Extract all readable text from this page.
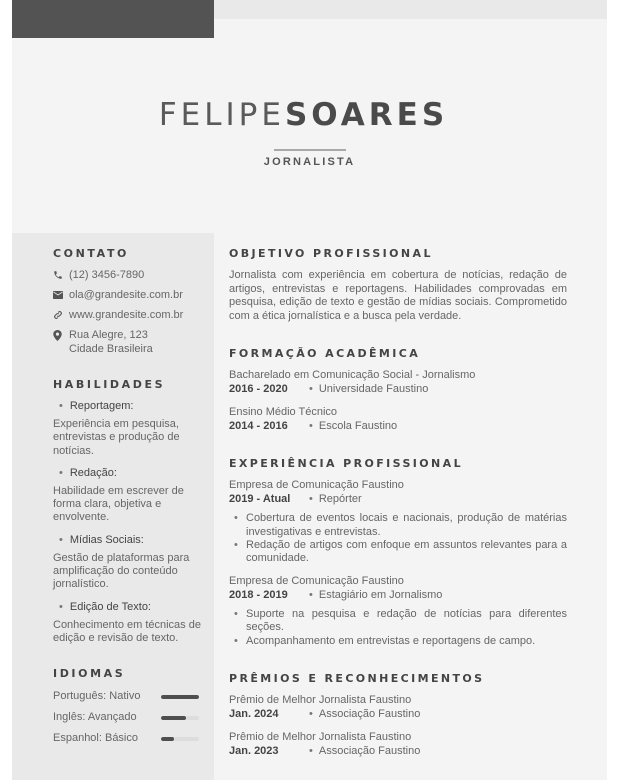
FELIPESOARES
JORNALISTA
CONTATO
(12) 3456-7890
ola@grandesite.com.br
www.grandesite.com.br
Rua Alegre, 123
Cidade Brasileira
HABILIDADES
• Reportagem:
Experiência em pesquisa, entrevistas e produção de notícias.
• Redação:
Habilidade em escrever de forma clara, objetiva e envolvente.
• Mídias Sociais:
Gestão de plataformas para amplificação do conteúdo jornalístico.
• Edição de Texto:
Conhecimento em técnicas de edição e revisão de texto.
IDIOMAS
Português: Nativo
Inglês: Avançado
Espanhol: Básico
OBJETIVO PROFISSIONAL
Jornalista com experiência em cobertura de notícias, redação de artigos, entrevistas e reportagens. Habilidades comprovadas em pesquisa, edição de texto e gestão de mídias sociais. Comprometido com a ética jornalística e a busca pela verdade.
FORMAÇÃO ACADÊMICA
Bacharelado em Comunicação Social - Jornalismo
2016 - 2020	• Universidade Faustino
Ensino Médio Técnico
2014 - 2016	• Escola Faustino
EXPERIÊNCIA PROFISSIONAL
Empresa de Comunicação Faustino
2019 - Atual	• Repórter
• Cobertura de eventos locais e nacionais, produção de matérias investigativas e entrevistas.
• Redação de artigos com enfoque em assuntos relevantes para a comunidade.
Empresa de Comunicação Faustino
2018 - 2019	• Estagiário em Jornalismo
• Suporte na pesquisa e redação de notícias para diferentes seções.
• Acompanhamento em entrevistas e reportagens de campo.
PRÊMIOS E RECONHECIMENTOS
Prêmio de Melhor Jornalista Faustino
Jan. 2024	• Associação Faustino
Prêmio de Melhor Jornalista Faustino
Jan. 2023	• Associação Faustino
